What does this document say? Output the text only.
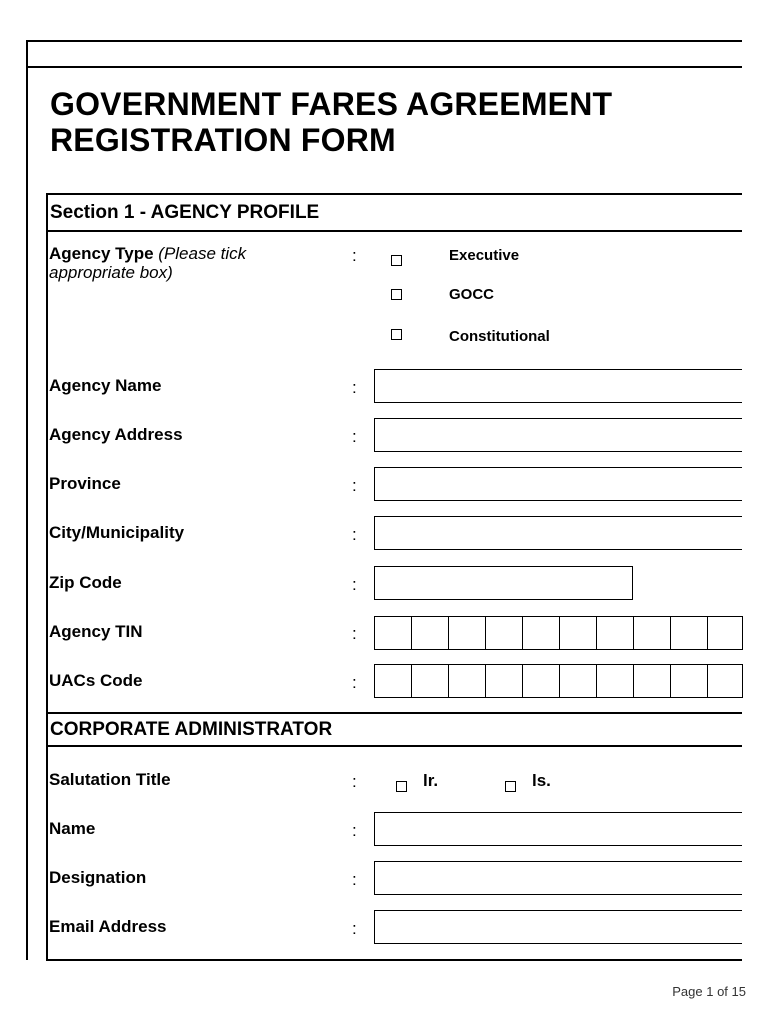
GOVERNMENT FARES AGREEMENT
REGISTRATION FORM
Section 1 - AGENCY PROFILE
Agency Type (Please tick
appropriate box)
:	Executive
GOCC
Constitutional
Agency Name	:
Agency Address	:
Province	:
City/Municipality	:
Zip Code	:
Agency TIN	:
UACs Code	:
CORPORATE ADMINISTRATOR
Salutation Title	:	lr.	ls.
Name	:
Designation	:
Email Address	:
Page 1 of 15
